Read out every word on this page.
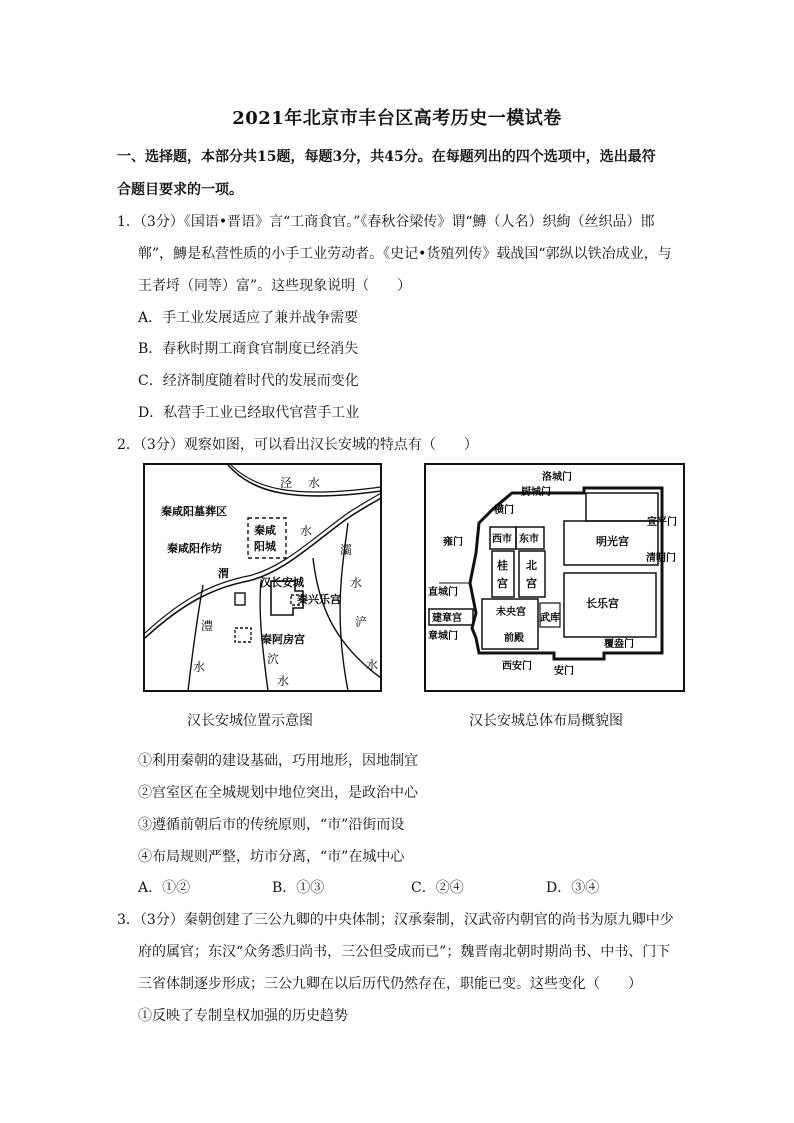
2021年北京市丰台区高考历史一模试卷
一、选择题，本部分共15题，每题3分，共45分。在每题列出的四个选项中，选出最符
合题目要求的一项。
1．（3分）《国语•晋语》言“工商食官。”《春秋谷梁传》谓“鱄（人名）织絢（丝织品）邯
郸”，鱄是私营性质的小手工业劳动者。《史记•货殖列传》载战国“郭纵以铁冶成业，与
王者埒（同等）富”。这些现象说明（　　）
A．手工业发展适应了兼并战争需要
B．春秋时期工商食官制度已经消失
C．经济制度随着时代的发展而变化
D．私营手工业已经取代官营手工业
2．（3分）观察如图，可以看出汉长安城的特点有（　　）
泾 水
秦咸阳墓葬区
秦咸阳作坊
秦咸
阳城
水
渭
灞
水
汉长安城
秦兴乐宫
澧
水
秦阿房宫
浐
水
泬
水
汉长安城位置示意图
洛城门
厨城门
横门
宣平门
雍门	西市 东市	明光宫
清明门
桂
宫
北
宫
直城门
建章宫
未央宫
前殿
武库
长乐宫
章城门
覆盎门
西安门 安门
汉长安城总体布局概貌图
①利用秦朝的建设基础，巧用地形，因地制宜
②宫室区在全城规划中地位突出，是政治中心
③遵循前朝后市的传统原则，“市”沿街而设
④布局规则严整，坊市分离，“市”在城中心
A．①②	B．①③	C．②④	D．③④
3．（3分）秦朝创建了三公九卿的中央体制；汉承秦制，汉武帝内朝官的尚书为原九卿中少
府的属官；东汉“众务悉归尚书，三公但受成而已”；魏晋南北朝时期尚书、中书、门下
三省体制逐步形成；三公九卿在以后历代仍然存在，职能已变。这些变化（　　）
①反映了专制皇权加强的历史趋势
